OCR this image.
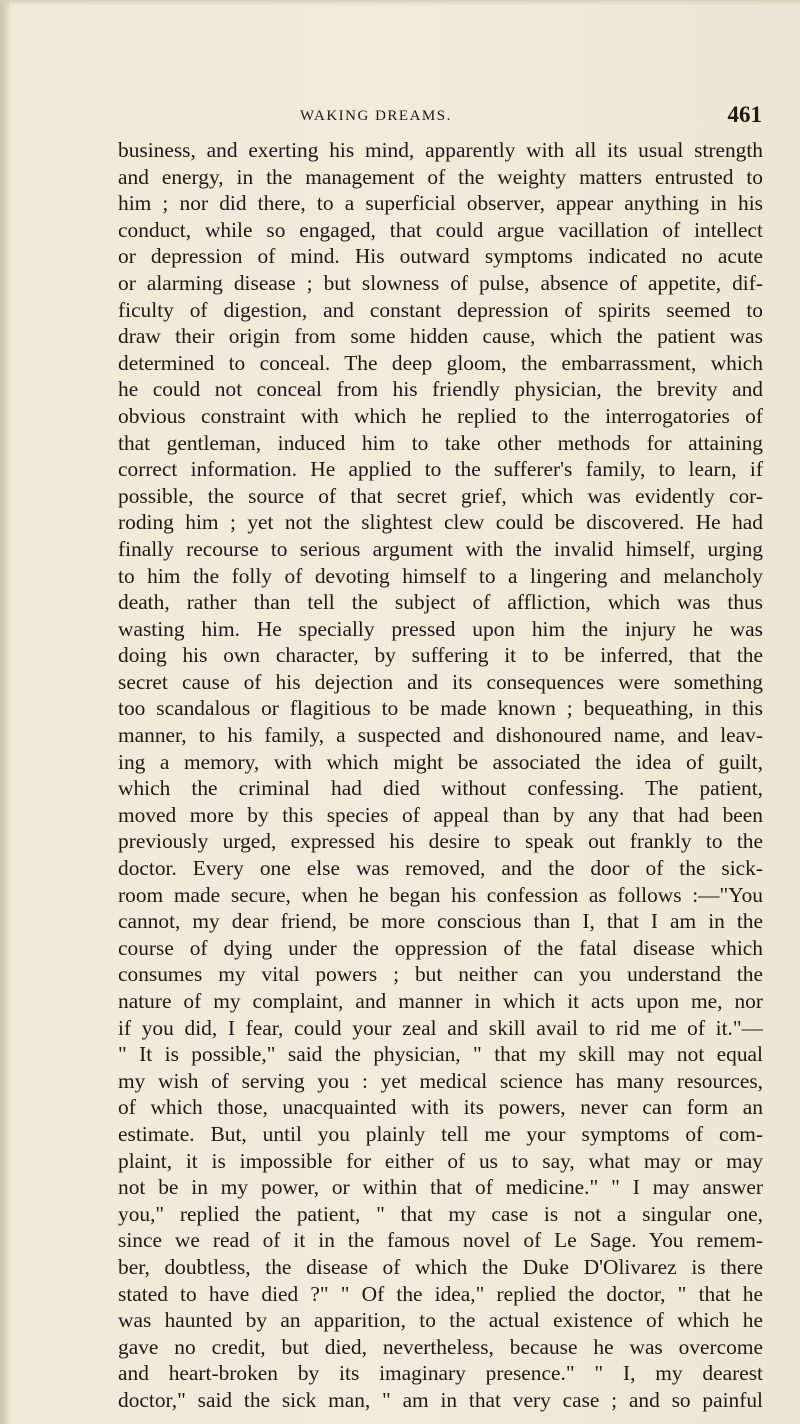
WAKING DREAMS.	461
business, and exerting his mind, apparently with all its usual strength
and energy, in the management of the weighty matters entrusted to
him ; nor did there, to a superficial observer, appear anything in his
conduct, while so engaged, that could argue vacillation of intellect
or depression of mind. His outward symptoms indicated no acute
or alarming disease ; but slowness of pulse, absence of appetite, dif-
ficulty of digestion, and constant depression of spirits seemed to
draw their origin from some hidden cause, which the patient was
determined to conceal. The deep gloom, the embarrassment, which
he could not conceal from his friendly physician, the brevity and
obvious constraint with which he replied to the interrogatories of
that gentleman, induced him to take other methods for attaining
correct information. He applied to the sufferer's family, to learn, if
possible, the source of that secret grief, which was evidently cor-
roding him ; yet not the slightest clew could be discovered. He had
finally recourse to serious argument with the invalid himself, urging
to him the folly of devoting himself to a lingering and melancholy
death, rather than tell the subject of affliction, which was thus
wasting him. He specially pressed upon him the injury he was
doing his own character, by suffering it to be inferred, that the
secret cause of his dejection and its consequences were something
too scandalous or flagitious to be made known ; bequeathing, in this
manner, to his family, a suspected and dishonoured name, and leav-
ing a memory, with which might be associated the idea of guilt,
which the criminal had died without confessing. The patient,
moved more by this species of appeal than by any that had been
previously urged, expressed his desire to speak out frankly to the
doctor. Every one else was removed, and the door of the sick-
room made secure, when he began his confession as follows :—"You
cannot, my dear friend, be more conscious than I, that I am in the
course of dying under the oppression of the fatal disease which
consumes my vital powers ; but neither can you understand the
nature of my complaint, and manner in which it acts upon me, nor
if you did, I fear, could your zeal and skill avail to rid me of it."—
" It is possible," said the physician, " that my skill may not equal
my wish of serving you : yet medical science has many resources,
of which those, unacquainted with its powers, never can form an
estimate. But, until you plainly tell me your symptoms of com-
plaint, it is impossible for either of us to say, what may or may
not be in my power, or within that of medicine." " I may answer
you," replied the patient, " that my case is not a singular one,
since we read of it in the famous novel of Le Sage. You remem-
ber, doubtless, the disease of which the Duke D'Olivarez is there
stated to have died ?" " Of the idea," replied the doctor, " that he
was haunted by an apparition, to the actual existence of which he
gave no credit, but died, nevertheless, because he was overcome
and heart-broken by its imaginary presence." " I, my dearest
doctor," said the sick man, " am in that very case ; and so painful
